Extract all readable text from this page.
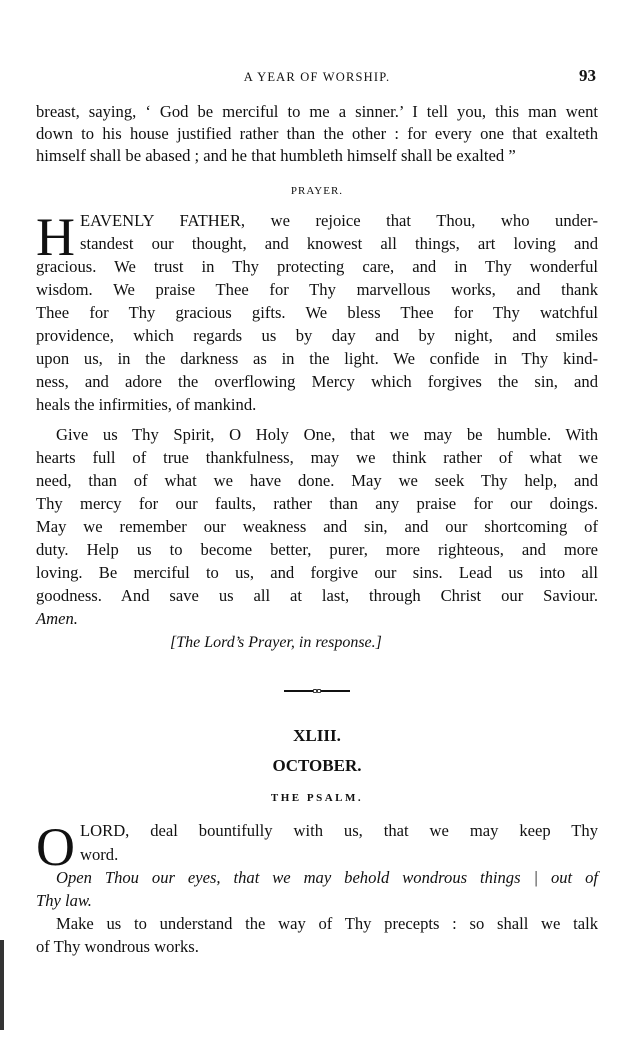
A YEAR OF WORSHIP.	93
breast, saying, ‘ God be merciful to me a sinner.’ I tell you, this man went
down to his house justified rather than the other : for every one that exalteth
himself shall be abased ; and he that humbleth himself shall be exalted ”
PRAYER.
H EAVENLY FATHER, we rejoice that Thou, who under-
standest our thought, and knowest all things, art loving and
gracious. We trust in Thy protecting care, and in Thy wonderful
wisdom. We praise Thee for Thy marvellous works, and thank
Thee for Thy gracious gifts. We bless Thee for Thy watchful
providence, which regards us by day and by night, and smiles
upon us, in the darkness as in the light. We confide in Thy kind-
ness, and adore the overflowing Mercy which forgives the sin, and
heals the infirmities, of mankind.
Give us Thy Spirit, O Holy One, that we may be humble. With
hearts full of true thankfulness, may we think rather of what we
need, than of what we have done. May we seek Thy help, and
Thy mercy for our faults, rather than any praise for our doings.
May we remember our weakness and sin, and our shortcoming of
duty. Help us to become better, purer, more righteous, and more
loving. Be merciful to us, and forgive our sins. Lead us into all
goodness. And save us all at last, through Christ our Saviour.
Amen.
[The Lord’s Prayer, in response.]
XLIII.
OCTOBER.
THE PSALM.
O LORD, deal bountifully with us, that we may keep Thy
word.
Open Thou our eyes, that we may behold wondrous things | out of
Thy law.
Make us to understand the way of Thy precepts : so shall we talk
of Thy wondrous works.
